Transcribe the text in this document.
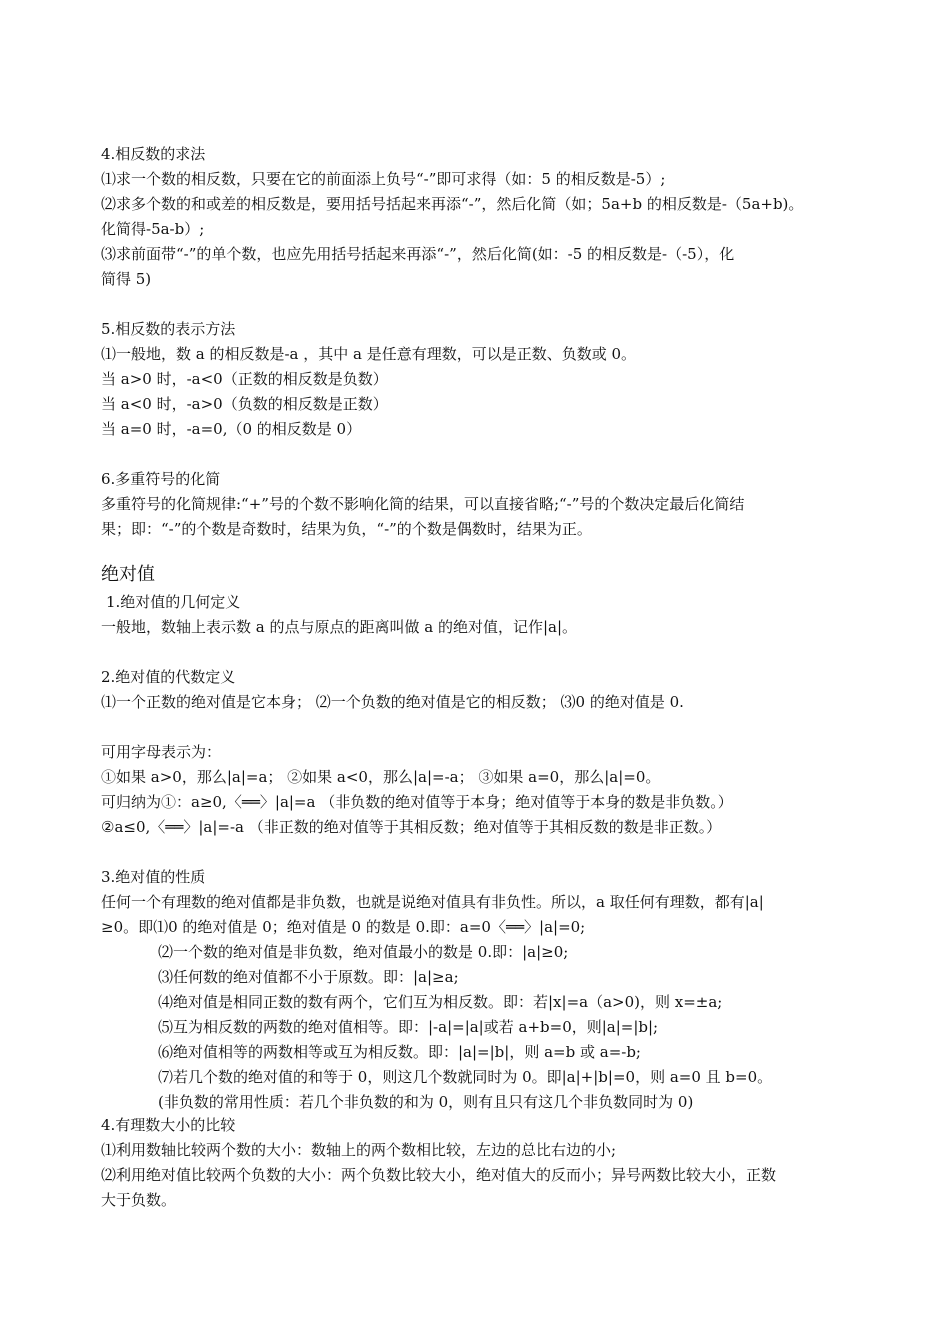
4.相反数的求法
⑴求一个数的相反数，只要在它的前面添上负号“-”即可求得（如：5 的相反数是-5）;
⑵求多个数的和或差的相反数是，要用括号括起来再添“-”，然后化简（如；5a+b 的相反数是-（5a+b)。
化简得-5a-b）;
⑶求前面带“-”的单个数，也应先用括号括起来再添“-”，然后化简(如：-5 的相反数是-（-5），化
简得 5)
5.相反数的表示方法
⑴一般地，数 a 的相反数是-a ，其中 a 是任意有理数，可以是正数、负数或 0。
当 a>0 时，-a<0（正数的相反数是负数）
当 a<0 时，-a>0（负数的相反数是正数）
当 a=0 时，-a=0,（0 的相反数是 0）
6.多重符号的化简
多重符号的化简规律:“+”号的个数不影响化简的结果，可以直接省略;“-”号的个数决定最后化简结
果；即：“-”的个数是奇数时，结果为负，“-”的个数是偶数时，结果为正。
绝对值
1.绝对值的几何定义
一般地，数轴上表示数 a 的点与原点的距离叫做 a 的绝对值，记作|a|。
2.绝对值的代数定义
⑴一个正数的绝对值是它本身； ⑵一个负数的绝对值是它的相反数； ⑶0 的绝对值是 0.
可用字母表示为：
①如果 a>0，那么|a|=a； ②如果 a<0，那么|a|=-a； ③如果 a=0，那么|a|=0。
可归纳为①：a≥0,〈══〉|a|=a （非负数的绝对值等于本身；绝对值等于本身的数是非负数。）
②a≤0,〈══〉|a|=-a （非正数的绝对值等于其相反数；绝对值等于其相反数的数是非正数。）
3.绝对值的性质
任何一个有理数的绝对值都是非负数，也就是说绝对值具有非负性。所以，a 取任何有理数，都有|a|
≥0。即⑴0 的绝对值是 0；绝对值是 0 的数是 0.即：a=0〈══〉|a|=0;
⑵一个数的绝对值是非负数，绝对值最小的数是 0.即：|a|≥0;
⑶任何数的绝对值都不小于原数。即：|a|≥a;
⑷绝对值是相同正数的数有两个，它们互为相反数。即：若|x|=a（a>0)，则 x=±a;
⑸互为相反数的两数的绝对值相等。即：|-a|=|a|或若 a+b=0，则|a|=|b|;
⑹绝对值相等的两数相等或互为相反数。即：|a|=|b|，则 a=b 或 a=-b;
⑺若几个数的绝对值的和等于 0，则这几个数就同时为 0。即|a|+|b|=0，则 a=0 且 b=0。
(非负数的常用性质：若几个非负数的和为 0，则有且只有这几个非负数同时为 0)
4.有理数大小的比较
⑴利用数轴比较两个数的大小：数轴上的两个数相比较，左边的总比右边的小;
⑵利用绝对值比较两个负数的大小：两个负数比较大小，绝对值大的反而小；异号两数比较大小，正数
大于负数。
